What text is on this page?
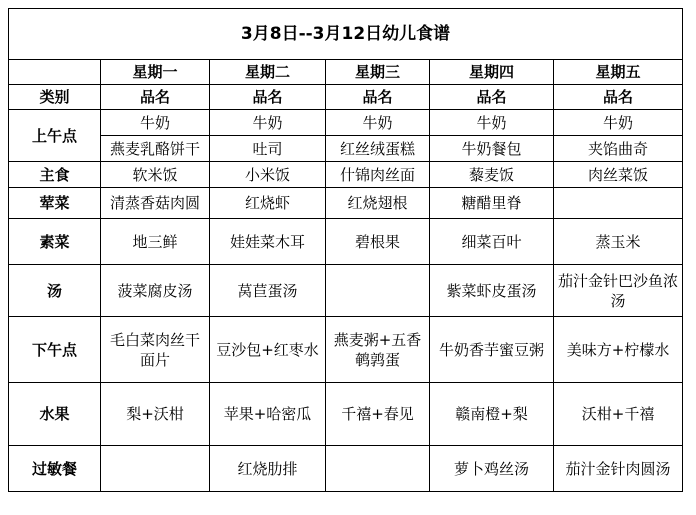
3月8日--3月12日幼儿食谱					
	星期一	星期二	星期三	星期四	星期五
类别	品名	品名	品名	品名	品名
上午点	牛奶	牛奶	牛奶	牛奶	牛奶
	燕麦乳酪饼干	吐司	红丝绒蛋糕	牛奶餐包	夹馅曲奇
主食	软米饭	小米饭	什锦肉丝面	藜麦饭	肉丝菜饭
荤菜	清蒸香菇肉圆	红烧虾	红烧翅根	糖醋里脊	
素菜	地三鲜	娃娃菜木耳	碧根果	细菜百叶	蒸玉米
汤	菠菜腐皮汤	莴苣蛋汤		紫菜虾皮蛋汤	茄汁金针巴沙鱼浓汤
下午点	毛白菜肉丝干面片	豆沙包+红枣水	燕麦粥+五香鹌鹑蛋	牛奶香芋蜜豆粥	美味方+柠檬水
水果	梨+沃柑	苹果+哈密瓜	千禧+春见	赣南橙+梨	沃柑+千禧
过敏餐		红烧肋排		萝卜鸡丝汤	茄汁金针肉圆汤
